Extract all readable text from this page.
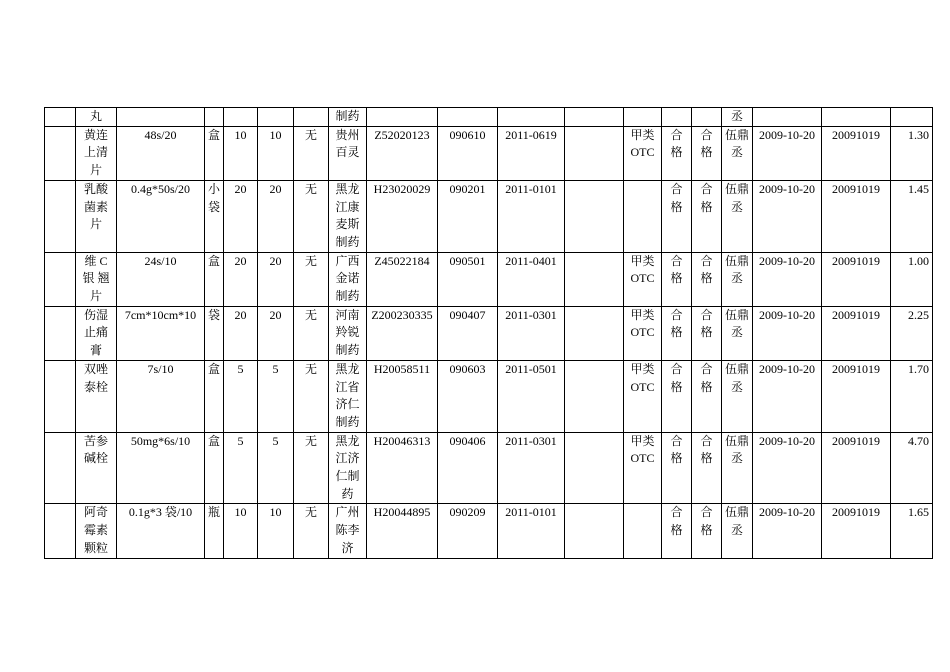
	丸						制药								丞			
	黄连上清片	48s/20	盒	10	10	无	贵州百灵	Z52020123	090610	2011-0619		甲类OTC	合格	合格	伍鼎丞	2009-10-20	20091019	1.30
	乳酸菌素片	0.4g*50s/20	小袋	20	20	无	黑龙江康麦斯制药	H23020029	090201	2011-0101			合格	合格	伍鼎丞	2009-10-20	20091019	1.45
	维 C 银 翘片	24s/10	盒	20	20	无	广西金诺制药	Z45022184	090501	2011-0401		甲类OTC	合格	合格	伍鼎丞	2009-10-20	20091019	1.00
	伤湿止痛膏	7cm*10cm*10	袋	20	20	无	河南羚锐制药	Z200230335	090407	2011-0301		甲类OTC	合格	合格	伍鼎丞	2009-10-20	20091019	2.25
	双唑泰栓	7s/10	盒	5	5	无	黑龙江省济仁制药	H20058511	090603	2011-0501		甲类OTC	合格	合格	伍鼎丞	2009-10-20	20091019	1.70
	苦参碱栓	50mg*6s/10	盒	5	5	无	黑龙江济仁制药	H20046313	090406	2011-0301		甲类OTC	合格	合格	伍鼎丞	2009-10-20	20091019	4.70
	阿奇霉素颗粒	0.1g*3 袋/10	瓶	10	10	无	广州陈李济	H20044895	090209	2011-0101			合格	合格	伍鼎丞	2009-10-20	20091019	1.65
